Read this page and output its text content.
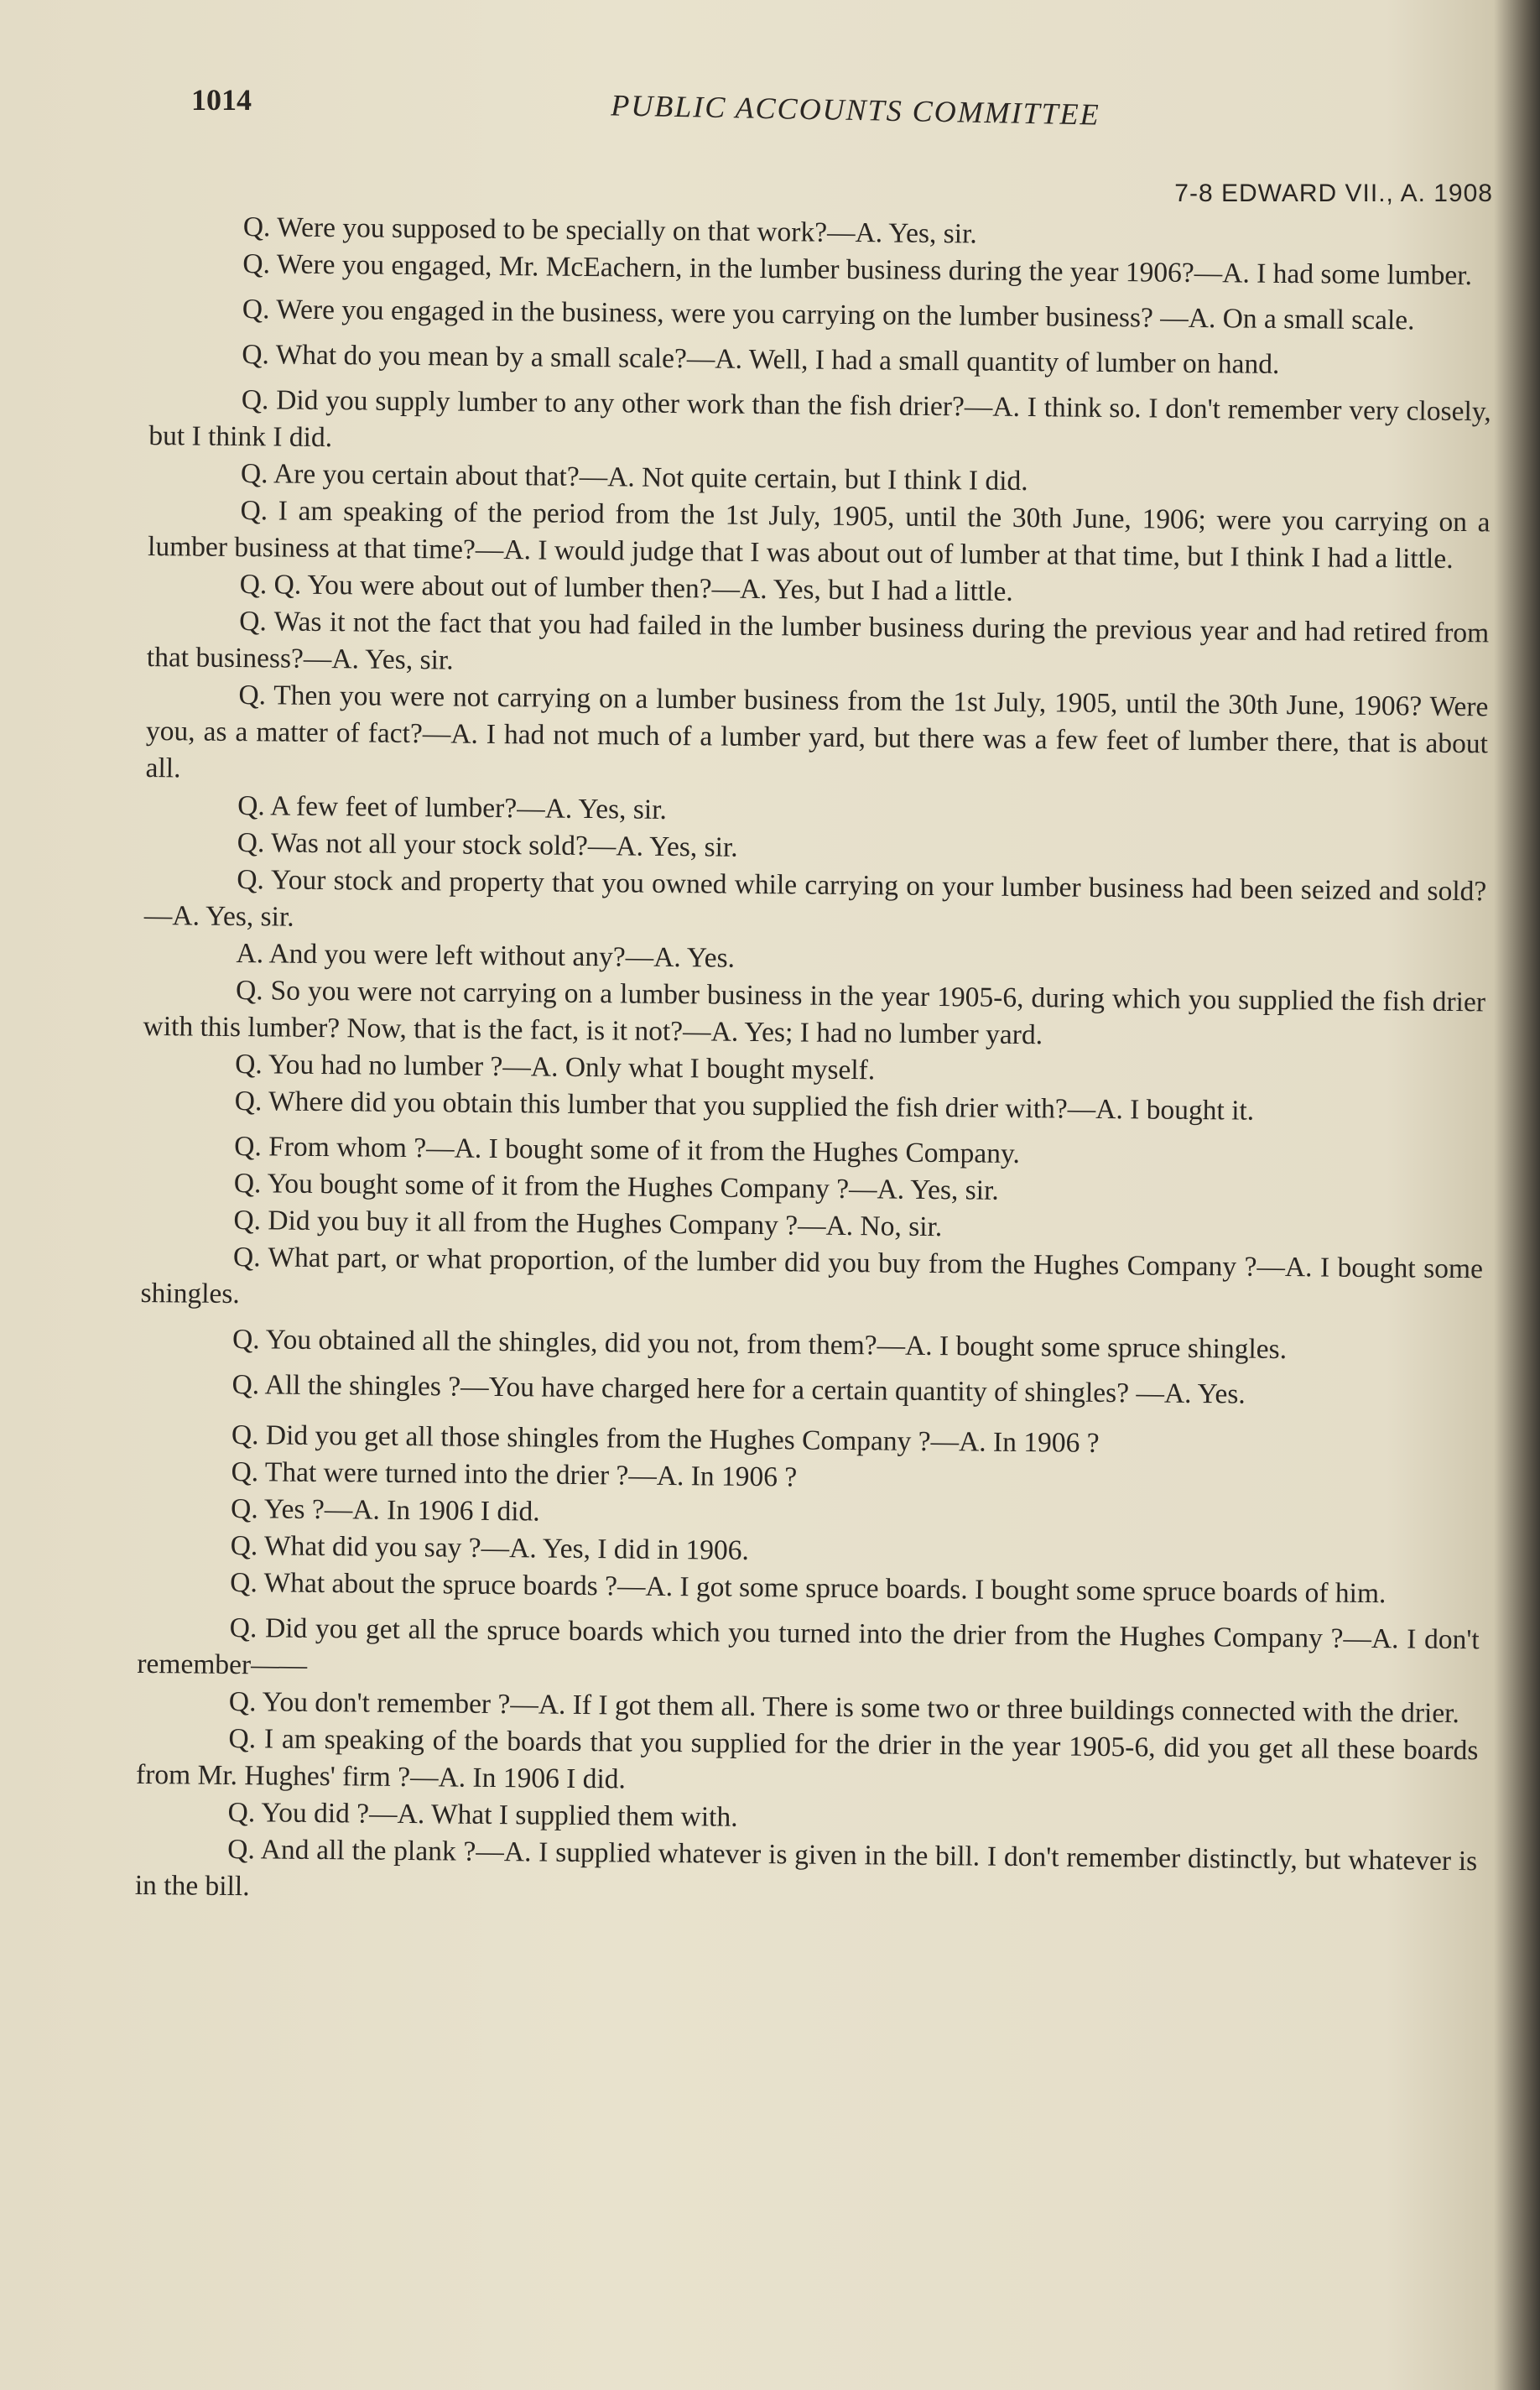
1014	PUBLIC ACCOUNTS COMMITTEE
7-8 EDWARD VII., A. 1908

Q. Were you supposed to be specially on that work?—A. Yes, sir.

Q. Were you engaged, Mr. McEachern, in the lumber business during the year 1906?—A. I had some lumber.

Q. Were you engaged in the business, were you carrying on the lumber business? —A. On a small scale.

Q. What do you mean by a small scale?—A. Well, I had a small quantity of lumber on hand.

Q. Did you supply lumber to any other work than the fish drier?—A. I think so. I don't remember very closely, but I think I did.

Q. Are you certain about that?—A. Not quite certain, but I think I did.

Q. I am speaking of the period from the 1st July, 1905, until the 30th June, 1906; were you carrying on a lumber business at that time?—A. I would judge that I was about out of lumber at that time, but I think I had a little.

Q. Q. You were about out of lumber then?—A. Yes, but I had a little.

Q. Was it not the fact that you had failed in the lumber business during the previous year and had retired from that business?—A. Yes, sir.

Q. Then you were not carrying on a lumber business from the 1st July, 1905, until the 30th June, 1906? Were you, as a matter of fact?—A. I had not much of a lumber yard, but there was a few feet of lumber there, that is about all.

Q. A few feet of lumber?—A. Yes, sir.

Q. Was not all your stock sold?—A. Yes, sir.

Q. Your stock and property that you owned while carrying on your lumber business had been seized and sold?—A. Yes, sir.

A. And you were left without any?—A. Yes.

Q. So you were not carrying on a lumber business in the year 1905-6, during which you supplied the fish drier with this lumber? Now, that is the fact, is it not?—A. Yes; I had no lumber yard.

Q. You had no lumber ?—A. Only what I bought myself.

Q. Where did you obtain this lumber that you supplied the fish drier with?—A. I bought it.

Q. From whom ?—A. I bought some of it from the Hughes Company.

Q. You bought some of it from the Hughes Company ?—A. Yes, sir.

Q. Did you buy it all from the Hughes Company ?—A. No, sir.

Q. What part, or what proportion, of the lumber did you buy from the Hughes Company ?—A. I bought some shingles.

Q. You obtained all the shingles, did you not, from them?—A. I bought some spruce shingles.

Q. All the shingles ?—You have charged here for a certain quantity of shingles? —A. Yes.

Q. Did you get all those shingles from the Hughes Company ?—A. In 1906 ?

Q. That were turned into the drier ?—A. In 1906 ?

Q. Yes ?—A. In 1906 I did.

Q. What did you say ?—A. Yes, I did in 1906.

Q. What about the spruce boards ?—A. I got some spruce boards. I bought some spruce boards of him.

Q. Did you get all the spruce boards which you turned into the drier from the Hughes Company ?—A. I don't remember——

Q. You don't remember ?—A. If I got them all. There is some two or three buildings connected with the drier.

Q. I am speaking of the boards that you supplied for the drier in the year 1905-6, did you get all these boards from Mr. Hughes' firm ?—A. In 1906 I did.

Q. You did ?—A. What I supplied them with.

Q. And all the plank ?—A. I supplied whatever is given in the bill. I don't remember distinctly, but whatever is in the bill.
